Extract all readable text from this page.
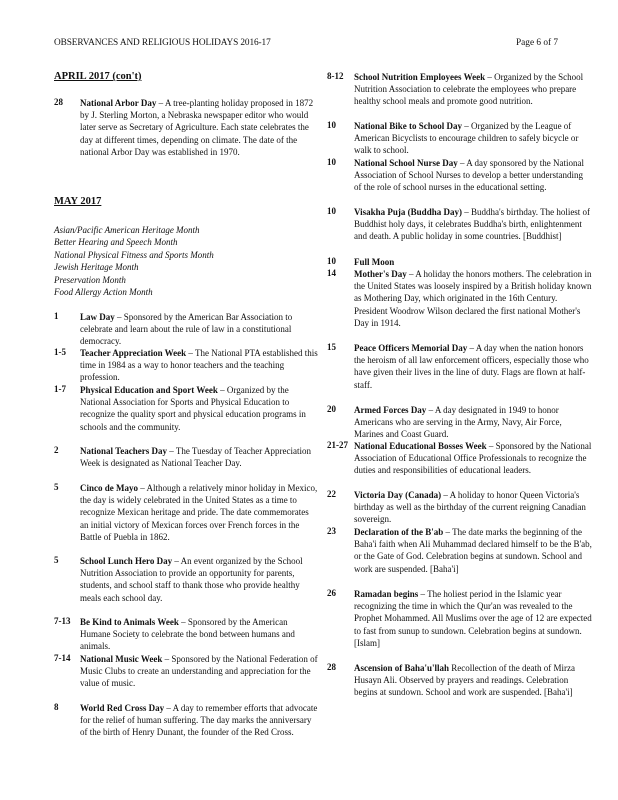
OBSERVANCES AND RELIGIOUS HOLIDAYS 2016-17	Page 6 of 7
APRIL 2017 (con't)
28 National Arbor Day – A tree-planting holiday proposed in 1872 by J. Sterling Morton, a Nebraska newspaper editor who would later serve as Secretary of Agriculture. Each state celebrates the day at different times, depending on climate. The date of the national Arbor Day was established in 1970.
MAY 2017
Asian/Pacific American Heritage Month
Better Hearing and Speech Month
National Physical Fitness and Sports Month
Jewish Heritage Month
Preservation Month
Food Allergy Action Month
1 Law Day – Sponsored by the American Bar Association to celebrate and learn about the rule of law in a constitutional democracy.
1-5 Teacher Appreciation Week – The National PTA established this time in 1984 as a way to honor teachers and the teaching profession.
1-7 Physical Education and Sport Week – Organized by the National Association for Sports and Physical Education to recognize the quality sport and physical education programs in schools and the community.
2 National Teachers Day – The Tuesday of Teacher Appreciation Week is designated as National Teacher Day.
5 Cinco de Mayo – Although a relatively minor holiday in Mexico, the day is widely celebrated in the United States as a time to recognize Mexican heritage and pride. The date commemorates an initial victory of Mexican forces over French forces in the Battle of Puebla in 1862.
5 School Lunch Hero Day – An event organized by the School Nutrition Association to provide an opportunity for parents, students, and school staff to thank those who provide healthy meals each school day.
7-13 Be Kind to Animals Week – Sponsored by the American Humane Society to celebrate the bond between humans and animals.
7-14 National Music Week – Sponsored by the National Federation of Music Clubs to create an understanding and appreciation for the value of music.
8 World Red Cross Day – A day to remember efforts that advocate for the relief of human suffering. The day marks the anniversary of the birth of Henry Dunant, the founder of the Red Cross.
8-12 School Nutrition Employees Week – Organized by the School Nutrition Association to celebrate the employees who prepare healthy school meals and promote good nutrition.
10 National Bike to School Day – Organized by the League of American Bicyclists to encourage children to safely bicycle or walk to school.
10 National School Nurse Day – A day sponsored by the National Association of School Nurses to develop a better understanding of the role of school nurses in the educational setting.
10 Visakha Puja (Buddha Day) – Buddha's birthday. The holiest of Buddhist holy days, it celebrates Buddha's birth, enlightenment and death. A public holiday in some countries. [Buddhist]
10 Full Moon
14 Mother's Day – A holiday the honors mothers. The celebration in the United States was loosely inspired by a British holiday known as Mothering Day, which originated in the 16th Century. President Woodrow Wilson declared the first national Mother's Day in 1914.
15 Peace Officers Memorial Day – A day when the nation honors the heroism of all law enforcement officers, especially those who have given their lives in the line of duty. Flags are flown at half-staff.
20 Armed Forces Day – A day designated in 1949 to honor Americans who are serving in the Army, Navy, Air Force, Marines and Coast Guard.
21-27 National Educational Bosses Week – Sponsored by the National Association of Educational Office Professionals to recognize the duties and responsibilities of educational leaders.
22 Victoria Day (Canada) – A holiday to honor Queen Victoria's birthday as well as the birthday of the current reigning Canadian sovereign.
23 Declaration of the B'ab – The date marks the beginning of the Baha'i faith when Ali Muhammad declared himself to be the B'ab, or the Gate of God. Celebration begins at sundown. School and work are suspended. [Baha'i]
26 Ramadan begins – The holiest period in the Islamic year recognizing the time in which the Qur'an was revealed to the Prophet Mohammed. All Muslims over the age of 12 are expected to fast from sunup to sundown. Celebration begins at sundown. [Islam]
28 Ascension of Baha'u'llah Recollection of the death of Mirza Husayn Ali. Observed by prayers and readings. Celebration begins at sundown. School and work are suspended. [Baha'i]
